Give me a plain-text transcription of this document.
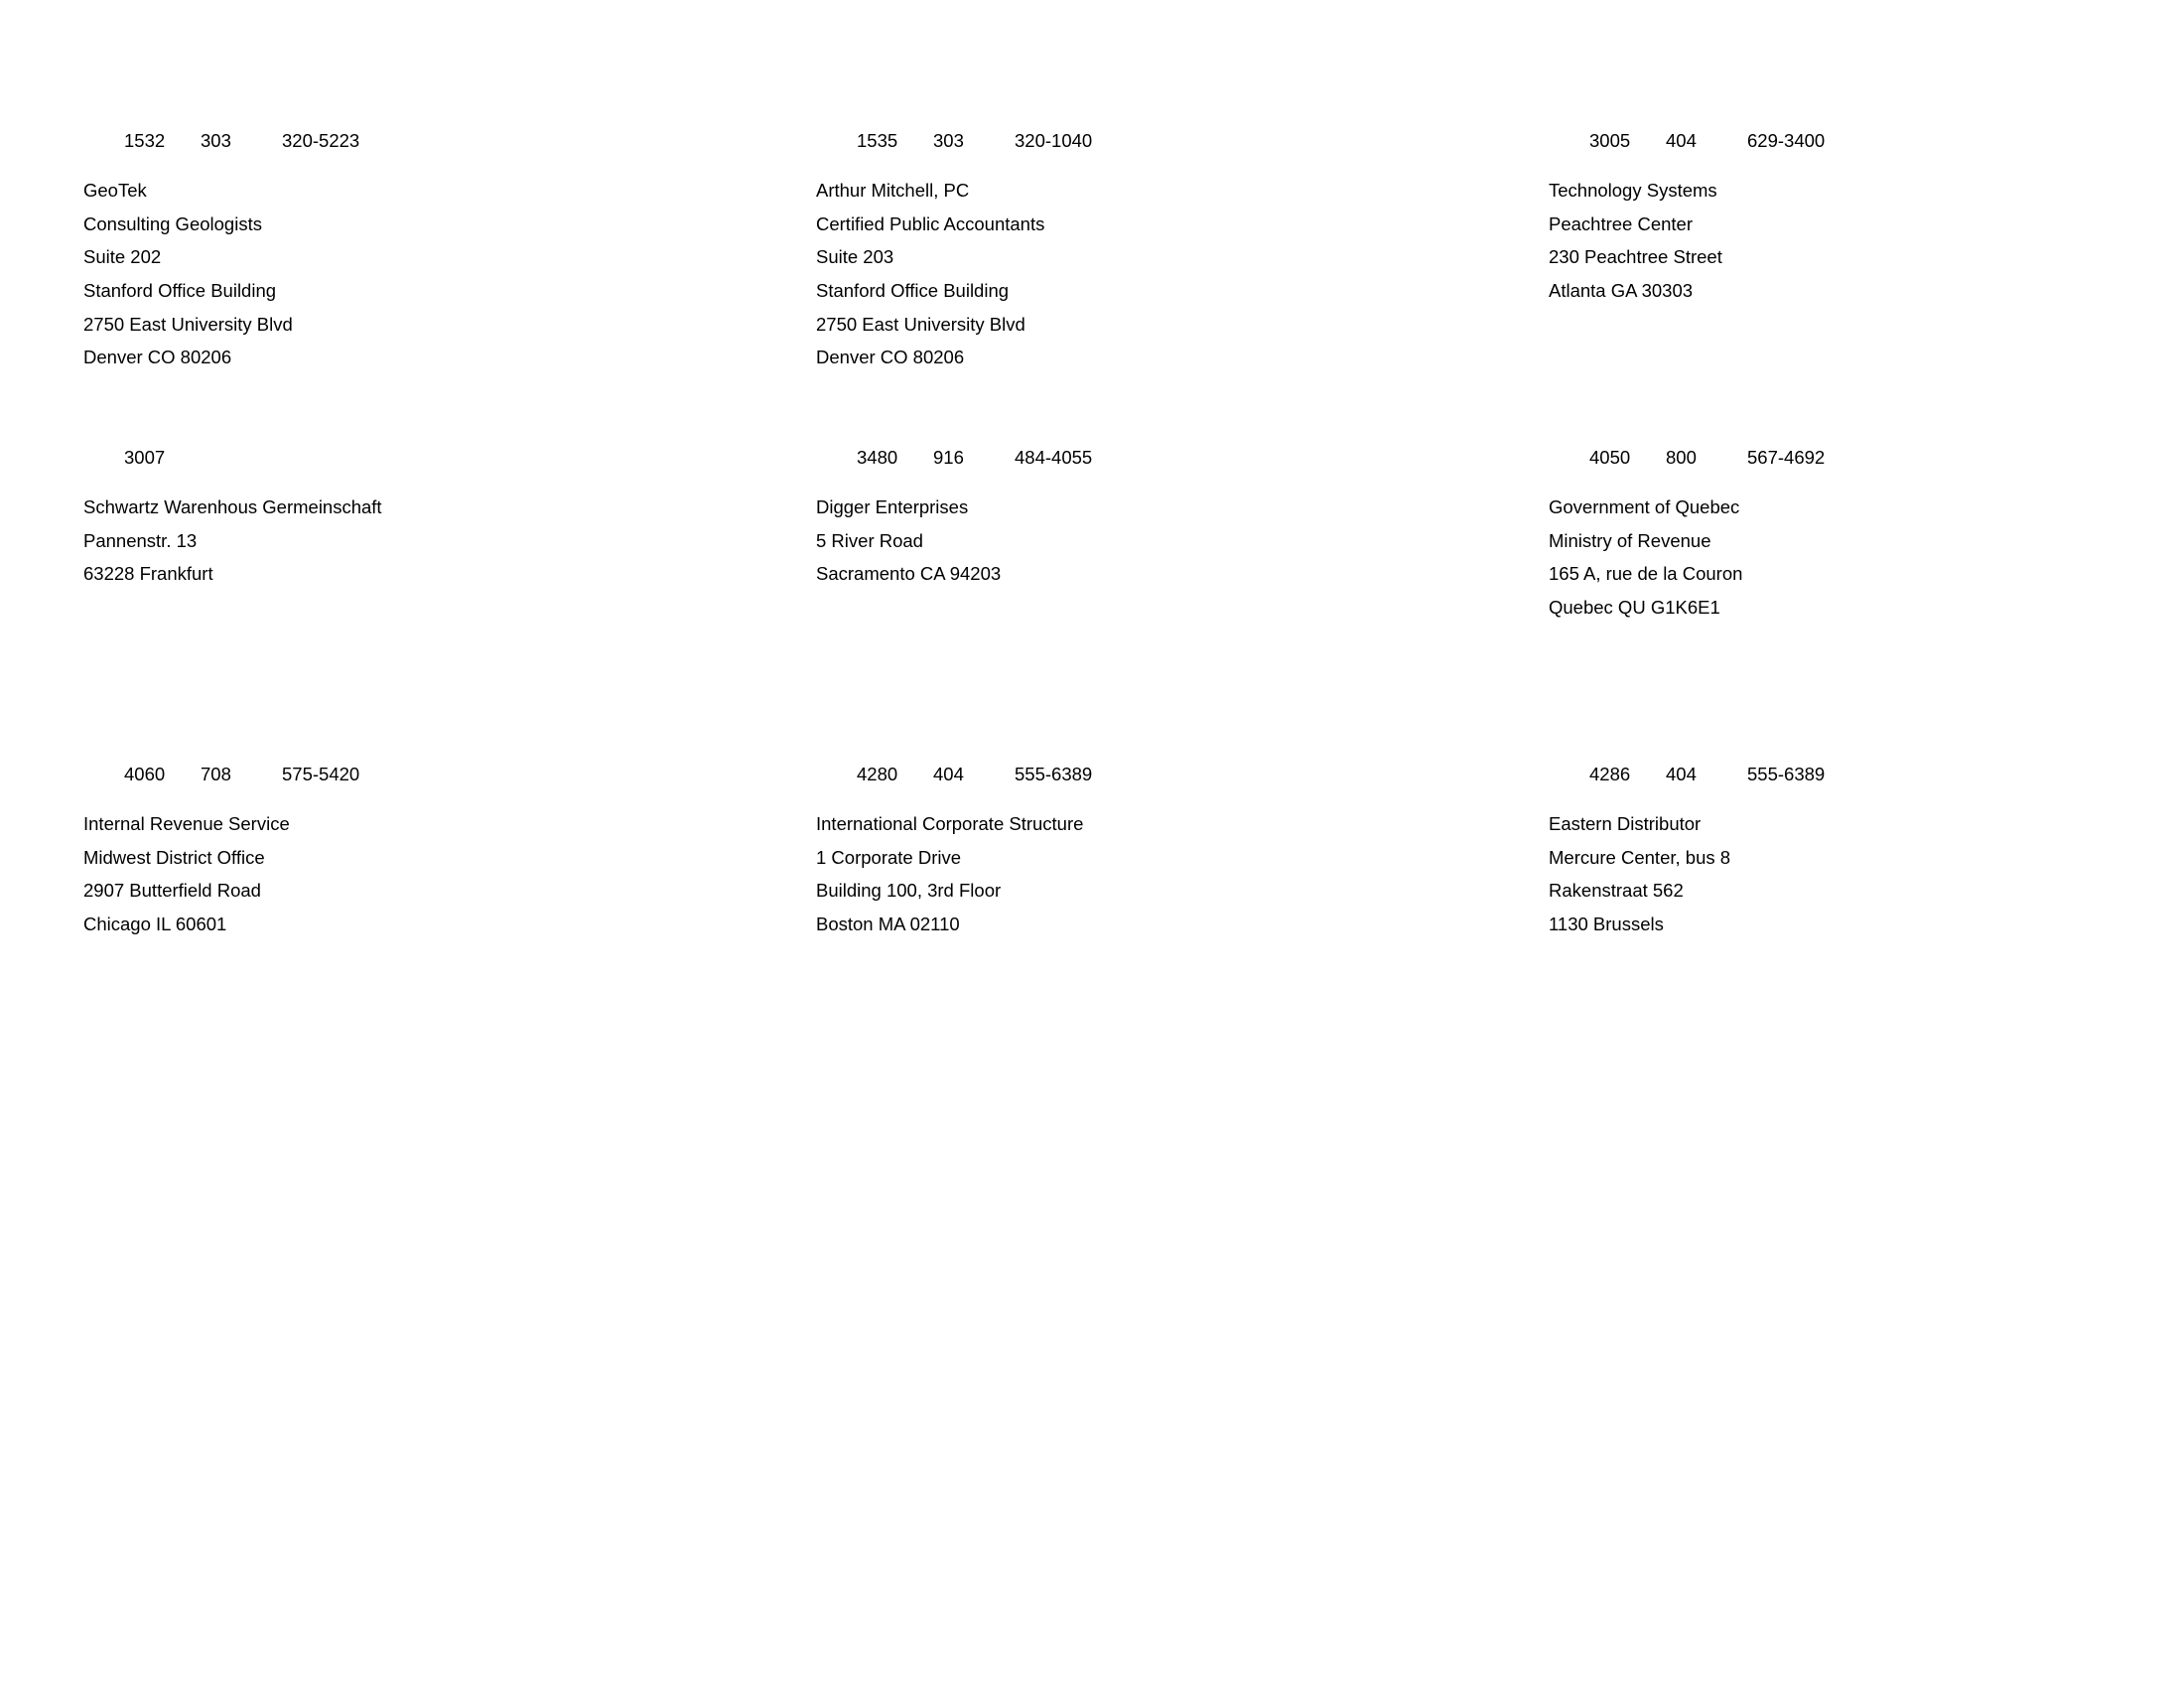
1532 303	320-5223
GeoTek
Consulting Geologists
Suite 202
Stanford Office Building
2750 East University Blvd
Denver CO 80206
1535 303	320-1040
Arthur Mitchell, PC
Certified Public Accountants
Suite 203
Stanford Office Building
2750 East University Blvd
Denver CO 80206
3005 404	629-3400
Technology Systems
Peachtree Center
230 Peachtree Street
Atlanta GA 30303
3007
Schwartz Warenhous Germeinschaft
Pannenstr. 13
63228 Frankfurt
3480 916	484-4055
Digger Enterprises
5 River Road
Sacramento CA 94203
4050 800	567-4692
Government of Quebec
Ministry of Revenue
165 A, rue de la Couron
Quebec QU G1K6E1
4060 708	575-5420
Internal Revenue Service
Midwest District Office
2907 Butterfield Road
Chicago IL 60601
4280 404	555-6389
International Corporate Structure
1 Corporate Drive
Building 100, 3rd Floor
Boston MA 02110
4286 404	555-6389
Eastern Distributor
Mercure Center, bus 8
Rakenstraat 562
1130 Brussels
